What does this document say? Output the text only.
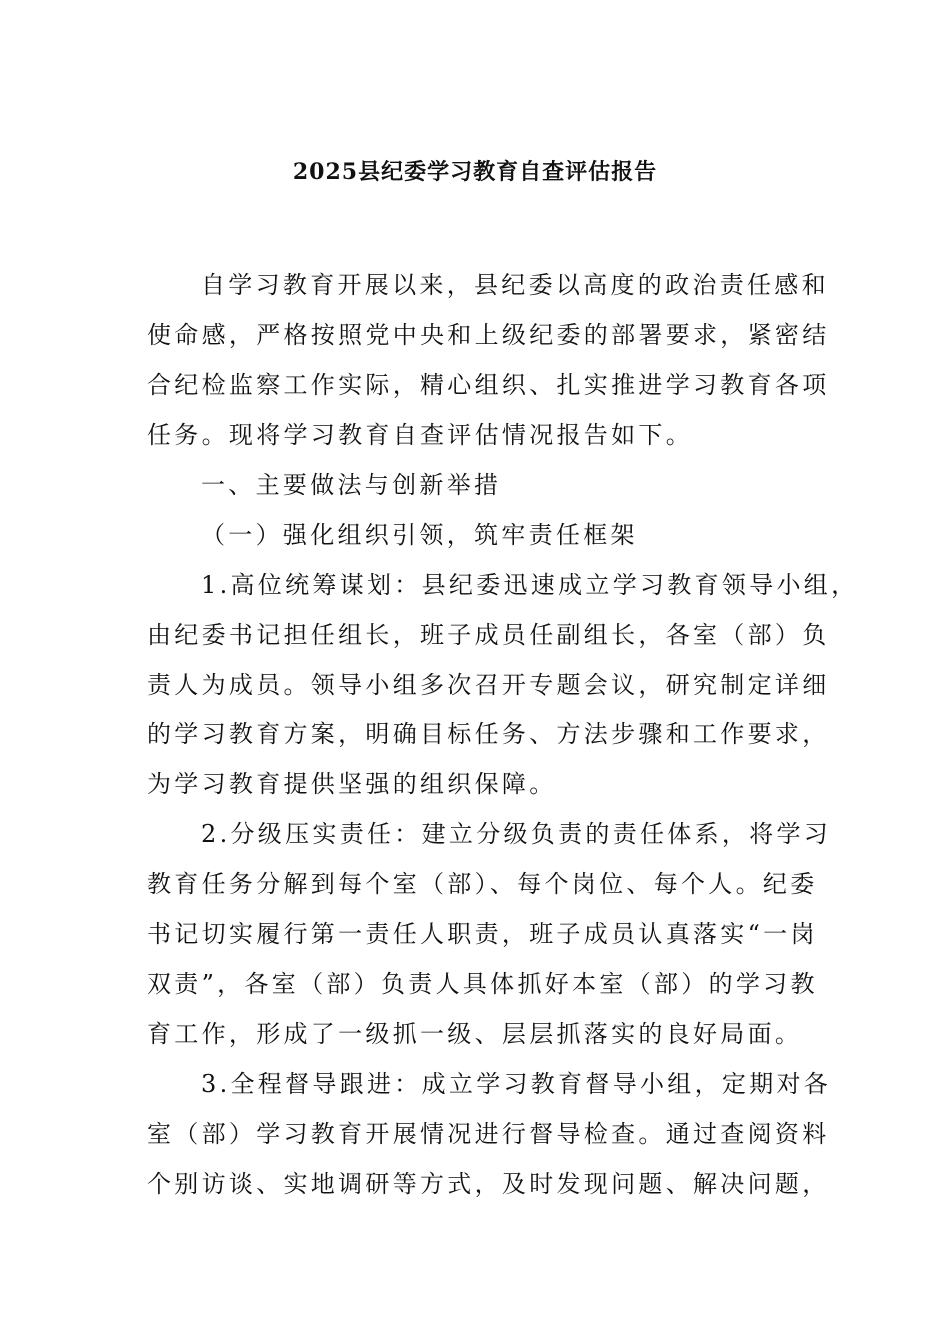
2025县纪委学习教育自查评估报告
自学习教育开展以来，县纪委以高度的政治责任感和
使命感，严格按照党中央和上级纪委的部署要求，紧密结
合纪检监察工作实际，精心组织、扎实推进学习教育各项
任务。现将学习教育自查评估情况报告如下。
一、主要做法与创新举措
（一）强化组织引领，筑牢责任框架
1.高位统筹谋划：县纪委迅速成立学习教育领导小组，
由纪委书记担任组长，班子成员任副组长，各室（部）负
责人为成员。领导小组多次召开专题会议，研究制定详细
的学习教育方案，明确目标任务、方法步骤和工作要求，
为学习教育提供坚强的组织保障。
2.分级压实责任：建立分级负责的责任体系，将学习
教育任务分解到每个室（部）、每个岗位、每个人。纪委
书记切实履行第一责任人职责，班子成员认真落实“一岗
双责”，各室（部）负责人具体抓好本室（部）的学习教
育工作，形成了一级抓一级、层层抓落实的良好局面。
3.全程督导跟进：成立学习教育督导小组，定期对各
室（部）学习教育开展情况进行督导检查。通过查阅资料
个别访谈、实地调研等方式，及时发现问题、解决问题，
